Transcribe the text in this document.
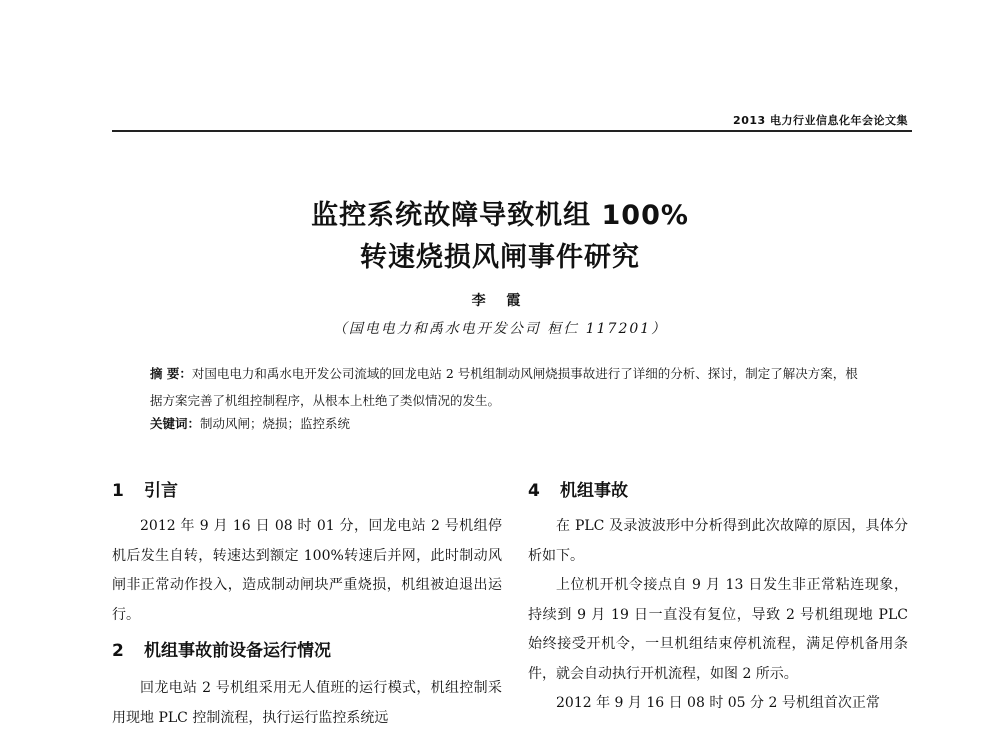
2013 电力行业信息化年会论文集
监控系统故障导致机组 100%
转速烧损风闸事件研究
李 霞
（国电电力和禹水电开发公司 桓仁 117201）
摘 要：对国电电力和禹水电开发公司流域的回龙电站 2 号机组制动风闸烧损事故进行了详细的分析、探讨，制定了解决方案，根据方案完善了机组控制程序，从根本上杜绝了类似情况的发生。
关键词：制动风闸；烧损；监控系统
1 引言

2012 年 9 月 16 日 08 时 01 分，回龙电站 2 号机组停机后发生自转，转速达到额定 100%转速后并网，此时制动风闸非正常动作投入，造成制动闸块严重烧损，机组被迫退出运行。

2 机组事故前设备运行情况

回龙电站 2 号机组采用无人值班的运行模式，机组控制采用现地 PLC 控制流程，执行运行监控系统远

4 机组事故

在 PLC 及录波波形中分析得到此次故障的原因，具体分析如下。

上位机开机令接点自 9 月 13 日发生非正常粘连现象，持续到 9 月 19 日一直没有复位，导致 2 号机组现地 PLC 始终接受开机令，一旦机组结束停机流程，满足停机备用条件，就会自动执行开机流程，如图 2 所示。

2012 年 9 月 16 日 08 时 05 分 2 号机组首次正常
